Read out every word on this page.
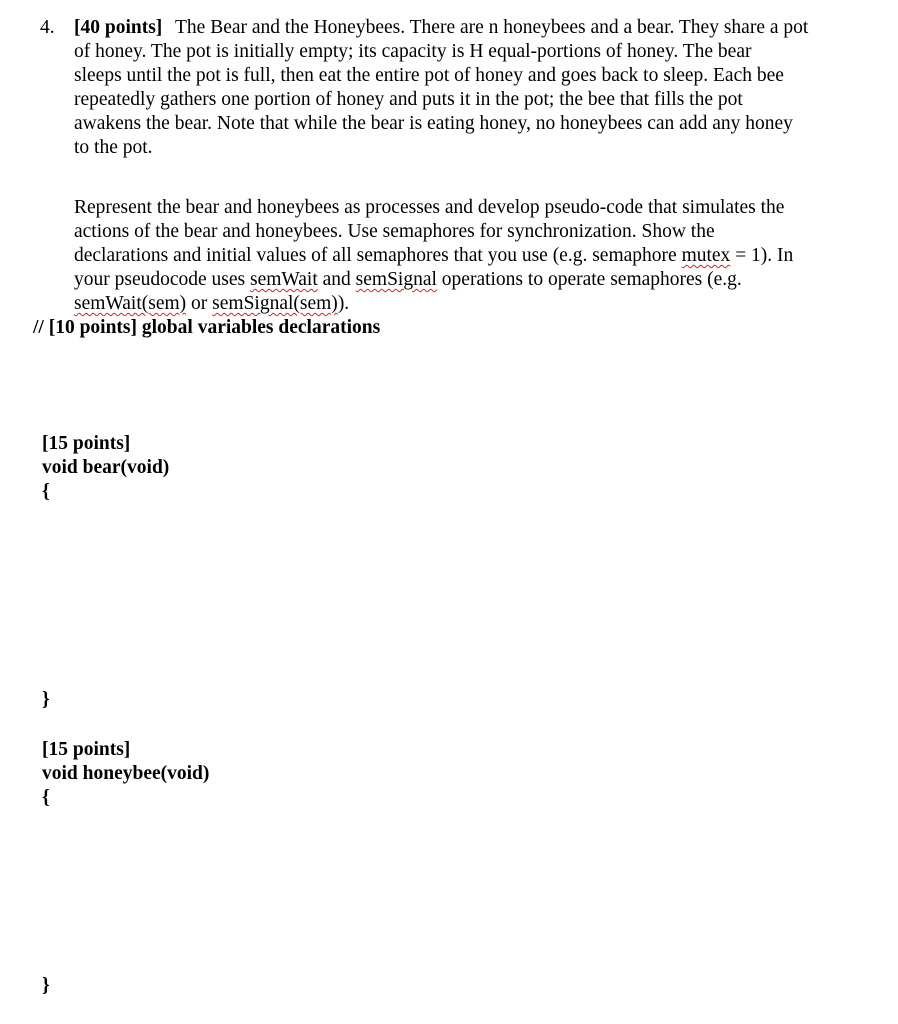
4. [40 points] The Bear and the Honeybees. There are n honeybees and a bear. They share a pot
of honey. The pot is initially empty; its capacity is H equal-portions of honey. The bear
sleeps until the pot is full, then eat the entire pot of honey and goes back to sleep. Each bee
repeatedly gathers one portion of honey and puts it in the pot; the bee that fills the pot
awakens the bear. Note that while the bear is eating honey, no honeybees can add any honey
to the pot.
Represent the bear and honeybees as processes and develop pseudo-code that simulates the
actions of the bear and honeybees. Use semaphores for synchronization. Show the
declarations and initial values of all semaphores that you use (e.g. semaphore mutex = 1). In
your pseudocode uses semWait and semSignal operations to operate semaphores (e.g.
semWait(sem) or semSignal(sem)).
// [10 points] global variables declarations
[15 points]
void bear(void)
{
}
[15 points]
void honeybee(void)
{
}
